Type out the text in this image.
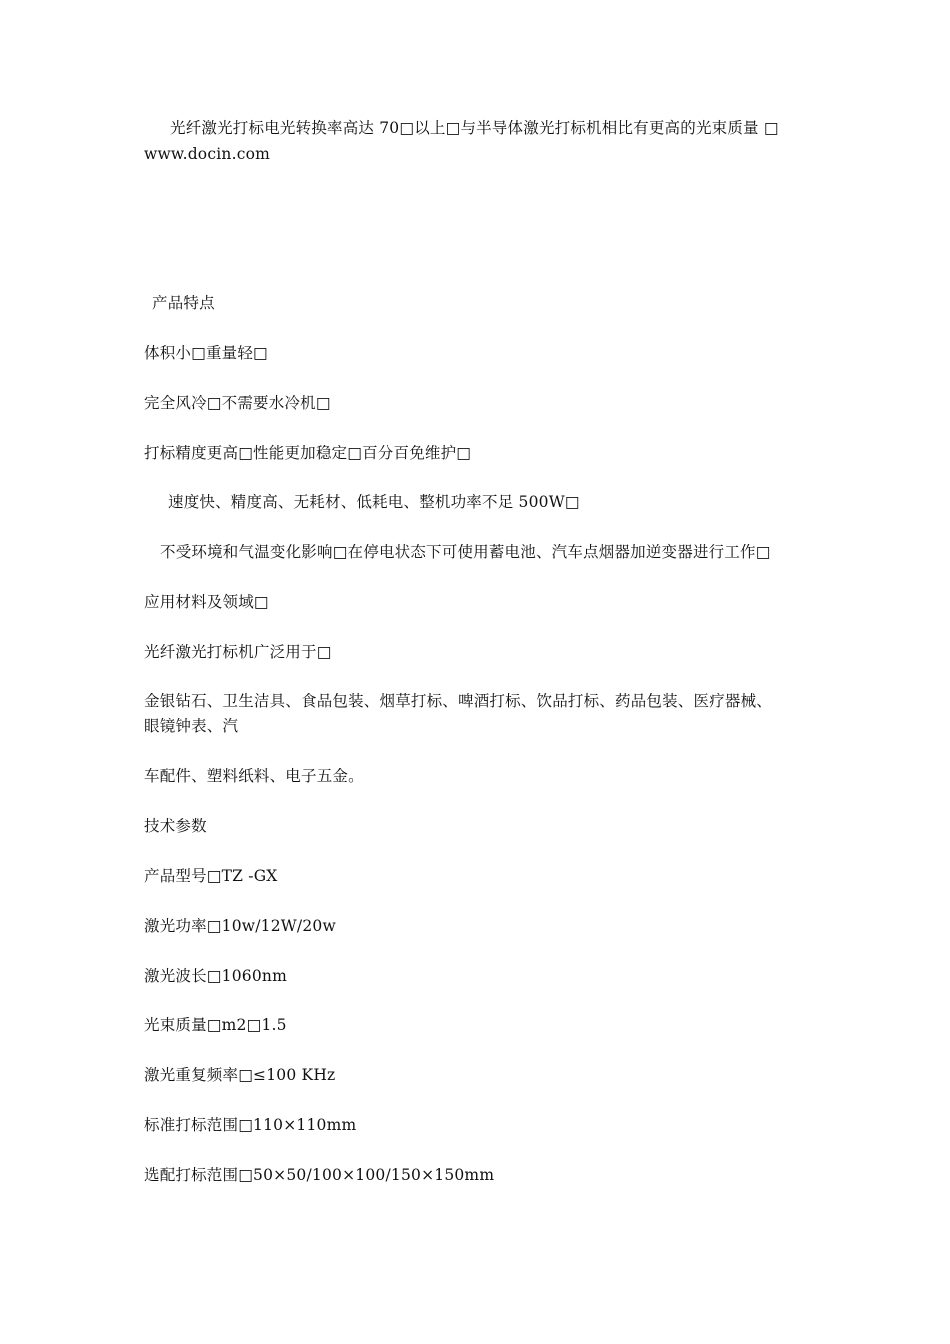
光纤激光打标电光转换率高达 70□以上□与半导体激光打标机相比有更高的光束质量 □
www.docin.com
产品特点
体积小□重量轻□
完全风冷□不需要水冷机□
打标精度更高□性能更加稳定□百分百免维护□
速度快、精度高、无耗材、低耗电、整机功率不足 500W□
不受环境和气温变化影响□在停电状态下可使用蓄电池、汽车点烟器加逆变器进行工作□
应用材料及领域□
光纤激光打标机广泛用于□
金银钻石、卫生洁具、食品包装、烟草打标、啤酒打标、饮品打标、药品包装、医疗器械、
眼镜钟表、汽
车配件、塑料纸料、电子五金。
技术参数
产品型号□TZ -GX
激光功率□10w/12W/20w
激光波长□1060nm
光束质量□m2□1.5
激光重复频率□≤100 KHz
标准打标范围□110×110mm
选配打标范围□50×50/100×100/150×150mm
